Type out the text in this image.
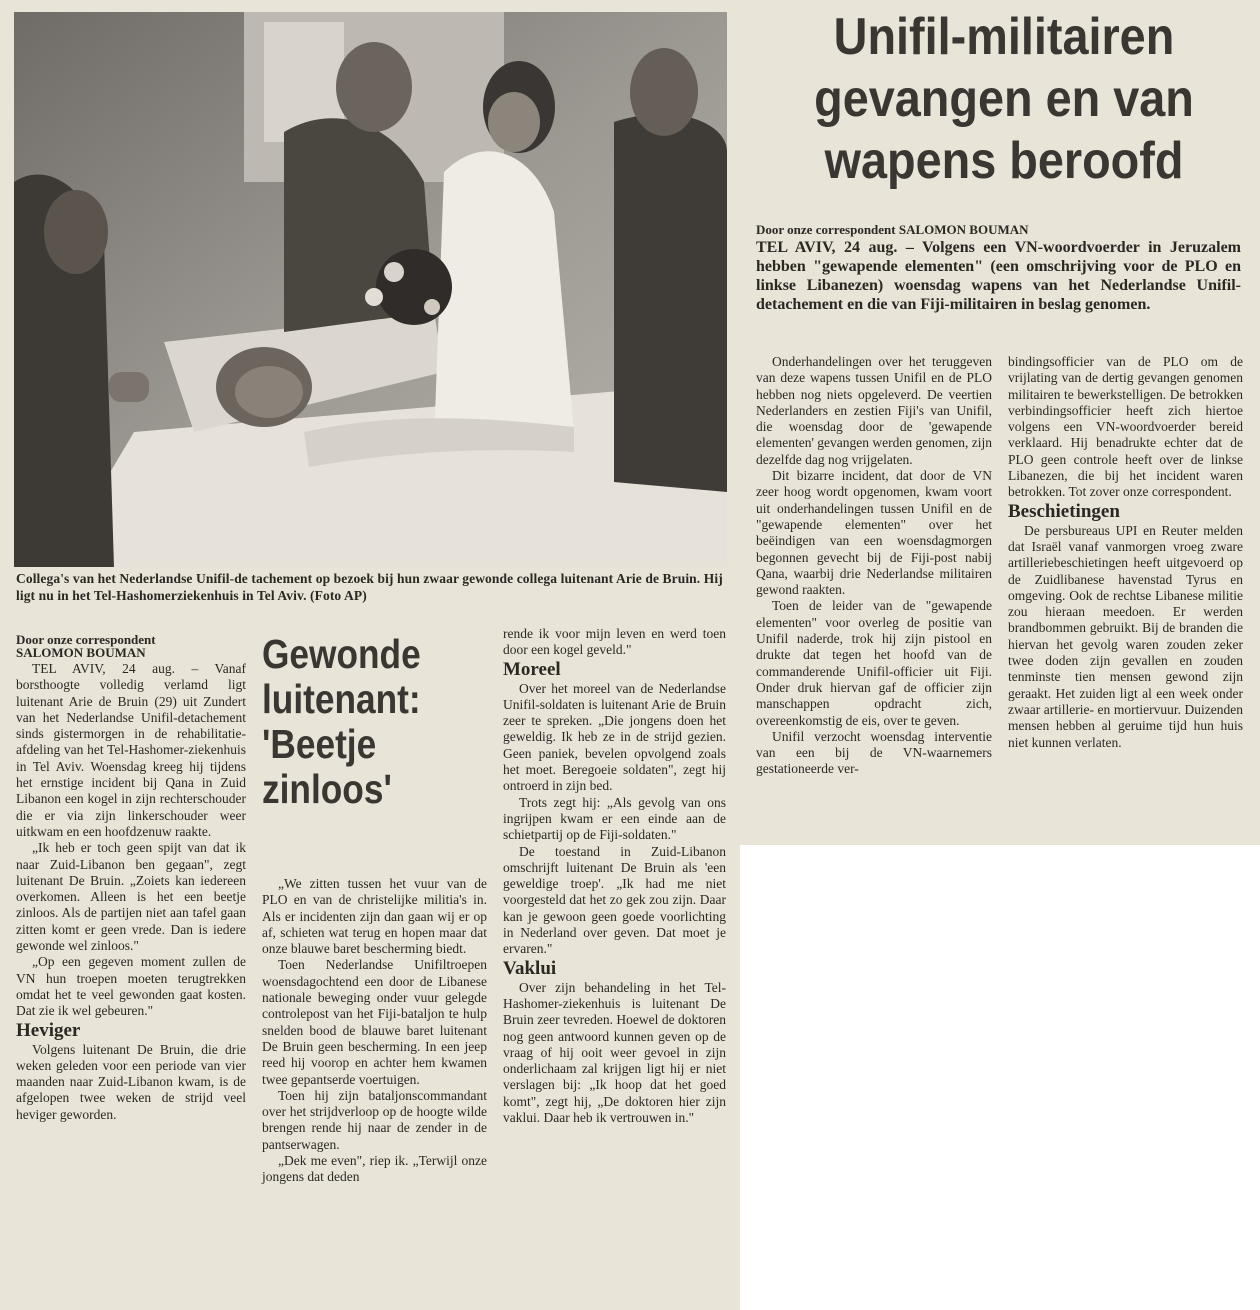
Collega's van het Nederlandse Unifil-de tachement op bezoek bij hun zwaar gewonde collega luitenant Arie de Bruin. Hij ligt nu in het Tel-Hashomerziekenhuis in Tel Aviv. (Foto AP)

Door onze correspondent

SALOMON BOUMAN

TEL AVIV, 24 aug. – Vanaf borsthoogte volledig verlamd ligt luitenant Arie de Bruin (29) uit Zundert van het Nederlandse Unifil-detachement sinds gistermorgen in de rehabilitatie-afdeling van het Tel-Hashomer-ziekenhuis in Tel Aviv. Woensdag kreeg hij tijdens het ernstige incident bij Qana in Zuid Libanon een kogel in zijn rechterschouder die er via zijn linkerschouder weer uitkwam en een hoofdzenuw raakte.

„Ik heb er toch geen spijt van dat ik naar Zuid-Libanon ben gegaan", zegt luitenant De Bruin. „Zoiets kan iedereen overkomen. Alleen is het een beetje zinloos. Als de partijen niet aan tafel gaan zitten komt er geen vrede. Dan is iedere gewonde wel zinloos."

„Op een gegeven moment zullen de VN hun troepen moeten terugtrekken omdat het te veel gewonden gaat kosten. Dat zie ik wel gebeuren."

Heviger

Volgens luitenant De Bruin, die drie weken geleden voor een periode van vier maanden naar Zuid-Libanon kwam, is de afgelopen twee weken de strijd veel heviger geworden.

Gewonde luitenant: 'Beetje zinloos'

„We zitten tussen het vuur van de PLO en van de christelijke militia's in. Als er incidenten zijn dan gaan wij er op af, schieten wat terug en hopen maar dat onze blauwe baret bescherming biedt.

Toen Nederlandse Unifiltroepen woensdagochtend een door de Libanese nationale beweging onder vuur gelegde controlepost van het Fiji-bataljon te hulp snelden bood de blauwe baret luitenant De Bruin geen bescherming. In een jeep reed hij voorop en achter hem kwamen twee gepantserde voertuigen.

Toen hij zijn bataljonscommandant over het strijdverloop op de hoogte wilde brengen rende hij naar de zender in de pantserwagen.

„Dek me even", riep ik. „Terwijl onze jongens dat deden

rende ik voor mijn leven en werd toen door een kogel geveld."

Moreel

Over het moreel van de Nederlandse Unifil-soldaten is luitenant Arie de Bruin zeer te spreken. „Die jongens doen het geweldig. Ik heb ze in de strijd gezien. Geen paniek, bevelen opvolgend zoals het moet. Beregoeie soldaten", zegt hij ontroerd in zijn bed.

Trots zegt hij: „Als gevolg van ons ingrijpen kwam er een einde aan de schietpartij op de Fiji-soldaten."

De toestand in Zuid-Libanon omschrijft luitenant De Bruin als 'een geweldige troep'. „Ik had me niet voorgesteld dat het zo gek zou zijn. Daar kan je gewoon geen goede voorlichting in Nederland over geven. Dat moet je ervaren."

Vaklui

Over zijn behandeling in het Tel-Hashomer-ziekenhuis is luitenant De Bruin zeer tevreden. Hoewel de doktoren nog geen antwoord kunnen geven op de vraag of hij ooit weer gevoel in zijn onderlichaam zal krijgen ligt hij er niet verslagen bij: „Ik hoop dat het goed komt", zegt hij, „De doktoren hier zijn vaklui. Daar heb ik vertrouwen in."

Unifil-militairen gevangen en van wapens beroofd

Door onze correspondent SALOMON BOUMAN

TEL AVIV, 24 aug. – Volgens een VN-woordvoerder in Jeruzalem hebben "gewapende elementen" (een omschrijving voor de PLO en linkse Libanezen) woensdag wapens van het Nederlandse Unifil-detachement en die van Fiji-militairen in beslag genomen.

Onderhandelingen over het teruggeven van deze wapens tussen Unifil en de PLO hebben nog niets opgeleverd. De veertien Nederlanders en zestien Fiji's van Unifil, die woensdag door de 'gewapende elementen' gevangen werden genomen, zijn dezelfde dag nog vrijgelaten.

Dit bizarre incident, dat door de VN zeer hoog wordt opgenomen, kwam voort uit onderhandelingen tussen Unifil en de "gewapende elementen" over het beëindigen van een woensdagmorgen begonnen gevecht bij de Fiji-post nabij Qana, waarbij drie Nederlandse militairen gewond raakten.

Toen de leider van de "gewapende elementen" voor overleg de positie van Unifil naderde, trok hij zijn pistool en drukte dat tegen het hoofd van de commanderende Unifil-officier uit Fiji. Onder druk hiervan gaf de officier zijn manschappen opdracht zich, overeenkomstig de eis, over te geven.

Unifil verzocht woensdag interventie van een bij de VN-waarnemers gestationeerde ver-

bindingsofficier van de PLO om de vrijlating van de dertig gevangen genomen militairen te bewerkstelligen. De betrokken verbindingsofficier heeft zich hiertoe volgens een VN-woordvoerder bereid verklaard. Hij benadrukte echter dat de PLO geen controle heeft over de linkse Libanezen, die bij het incident waren betrokken. Tot zover onze correspondent.

Beschietingen

De persbureaus UPI en Reuter melden dat Israël vanaf vanmorgen vroeg zware artilleriebeschietingen heeft uitgevoerd op de Zuidlibanese havenstad Tyrus en omgeving. Ook de rechtse Libanese militie zou hieraan meedoen. Er werden brandbommen gebruikt. Bij de branden die hiervan het gevolg waren zouden zeker twee doden zijn gevallen en zouden tenminste tien mensen gewond zijn geraakt. Het zuiden ligt al een week onder zwaar artillerie- en mortiervuur. Duizenden mensen hebben al geruime tijd hun huis niet kunnen verlaten.
